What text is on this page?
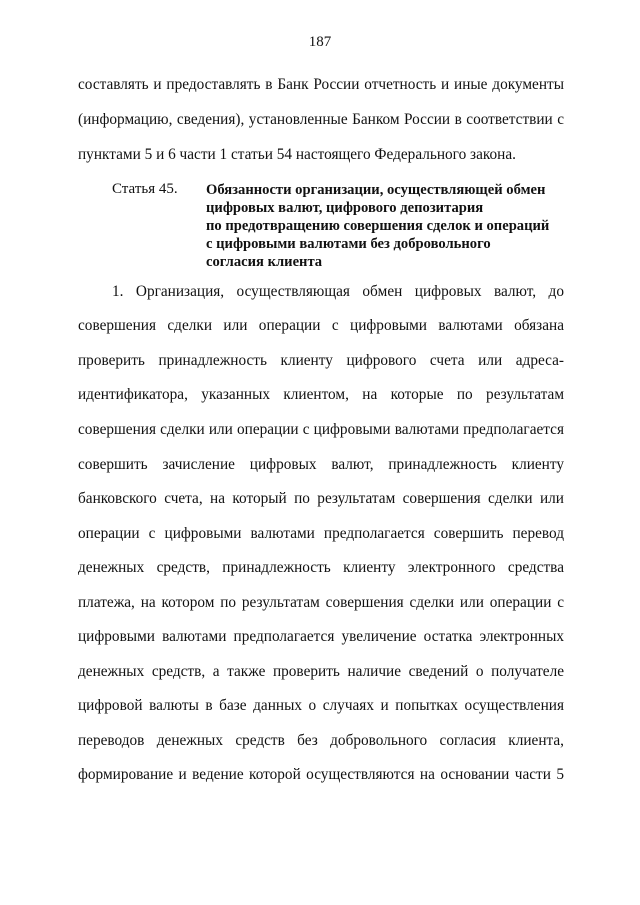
187
составлять и предоставлять в Банк России отчетность и иные документы
(информацию, сведения), установленные Банком России в соответствии с
пунктами 5 и 6 части 1 статьи 54 настоящего Федерального закона.
Статья 45. Обязанности организации, осуществляющей обмен
цифровых валют, цифрового депозитария
по предотвращению совершения сделок и операций
с цифровыми валютами без добровольного
согласия клиента
1. Организация, осуществляющая обмен цифровых валют, до
совершения сделки или операции с цифровыми валютами обязана
проверить принадлежность клиенту цифрового счета или адреса-
идентификатора, указанных клиентом, на которые по результатам
совершения сделки или операции с цифровыми валютами предполагается
совершить зачисление цифровых валют, принадлежность клиенту
банковского счета, на который по результатам совершения сделки или
операции с цифровыми валютами предполагается совершить перевод
денежных средств, принадлежность клиенту электронного средства
платежа, на котором по результатам совершения сделки или операции с
цифровыми валютами предполагается увеличение остатка электронных
денежных средств, а также проверить наличие сведений о получателе
цифровой валюты в базе данных о случаях и попытках осуществления
переводов денежных средств без добровольного согласия клиента,
формирование и ведение которой осуществляются на основании части 5
